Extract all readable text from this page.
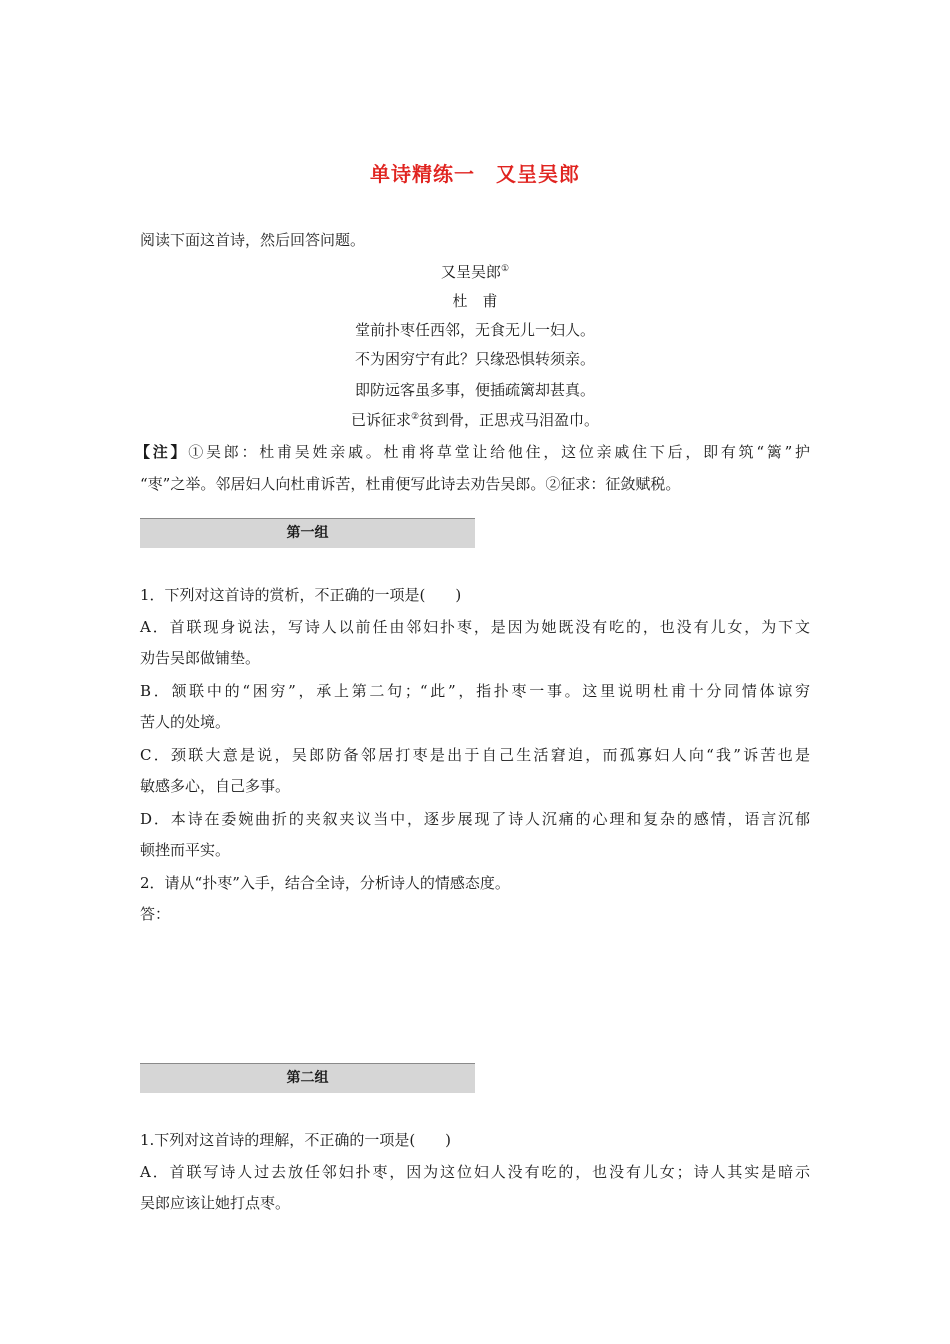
单诗精练一　又呈吴郎
阅读下面这首诗，然后回答问题。
又呈吴郎①
杜　甫
堂前扑枣任西邻，无食无儿一妇人。
不为困穷宁有此？只缘恐惧转须亲。
即防远客虽多事，便插疏篱却甚真。
已诉征求②贫到骨，正思戎马泪盈巾。
【注】①吴郎：杜甫吴姓亲戚。杜甫将草堂让给他住，这位亲戚住下后，即有筑“篱”护
“枣”之举。邻居妇人向杜甫诉苦，杜甫便写此诗去劝告吴郎。②征求：征敛赋税。
第一组
1．下列对这首诗的赏析，不正确的一项是(　　)
A．首联现身说法，写诗人以前任由邻妇扑枣，是因为她既没有吃的，也没有儿女，为下文
劝告吴郎做铺垫。
B．颔联中的“困穷”，承上第二句；“此”，指扑枣一事。这里说明杜甫十分同情体谅穷
苦人的处境。
C．颈联大意是说，吴郎防备邻居打枣是出于自己生活窘迫，而孤寡妇人向“我”诉苦也是
敏感多心，自己多事。
D．本诗在委婉曲折的夹叙夹议当中，逐步展现了诗人沉痛的心理和复杂的感情，语言沉郁
顿挫而平实。
2．请从“扑枣”入手，结合全诗，分析诗人的情感态度。
答：
第二组
1.下列对这首诗的理解，不正确的一项是(　　)
A．首联写诗人过去放任邻妇扑枣，因为这位妇人没有吃的，也没有儿女；诗人其实是暗示
吴郎应该让她打点枣。
